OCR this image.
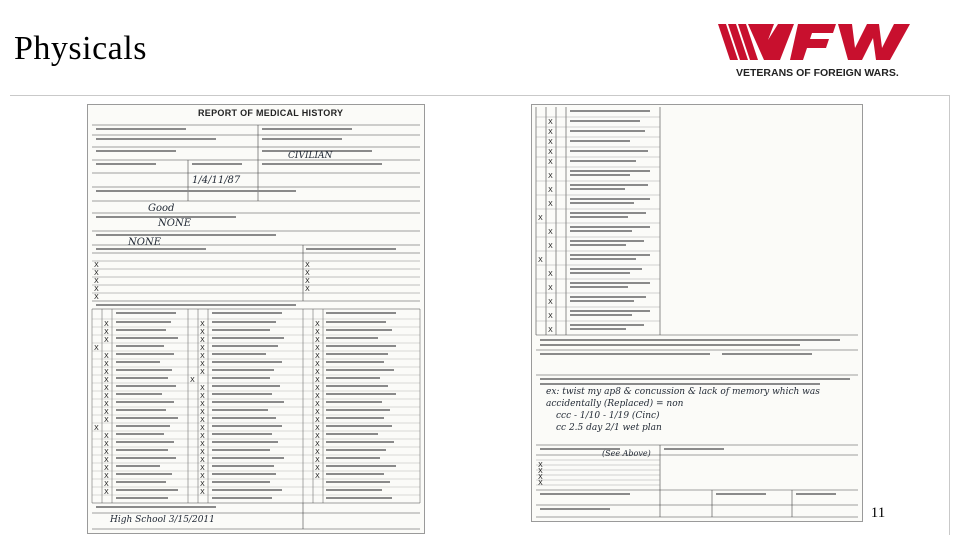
Physicals
VETERANS OF FOREIGN WARS.
REPORT OF MEDICAL HISTORY
X
X
X
X
X
X
X
X
X
X
X
X
X
X
X
X
X
X
X
X
X
X
X
X
X
X
X
X
X
X
X
X
X
X
X
X
X
X
X
X
X
X
X
X
X
X
X
X
X
X
X
X
X
X
X
X
X
X
X
X
X
X
X
X
X
X
X
X
X
X
X
X
X
CIVILIAN
1/4/11/87
Good
NONE
NONE
High School 3/15/2011
X
X
X
X
X
X
X
X
X
X
X
X
X
X
X
X
X
X
X
X
X
ex: twist my ap8 & concussion & lack of memory which was
accidentally (Replaced) = non
ccc - 1/10 - 1/19 (Cinc)
cc 2.5 day 2/1 wet plan
(See Above)
11
